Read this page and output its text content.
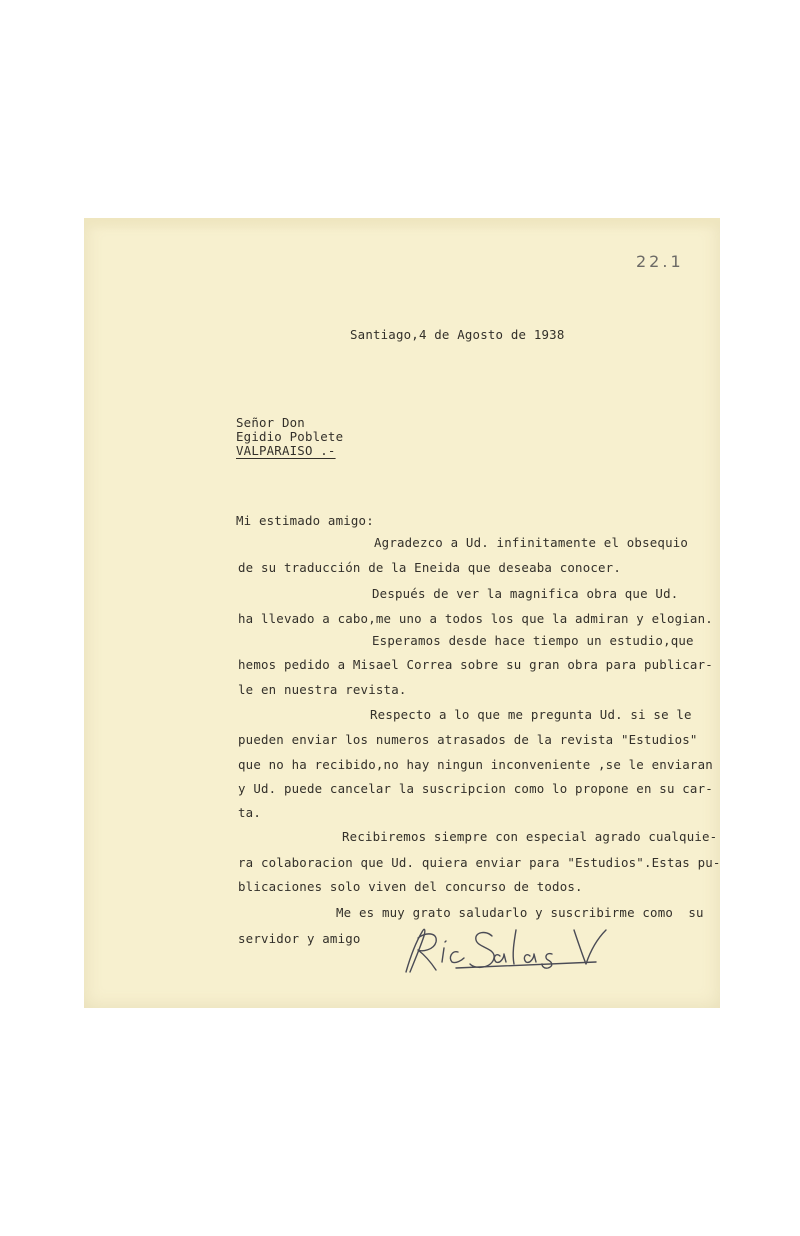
22.1
Santiago,4 de Agosto de 1938
Señor Don
Egidio Poblete
VALPARAISO .-
Mi estimado amigo:
Agradezco a Ud. infinitamente el obsequio
de su traducción de la Eneida que deseaba conocer.
Después de ver la magnifica obra que Ud.
ha llevado a cabo,me uno a todos los que la admiran y elogian.
Esperamos desde hace tiempo un estudio,que
hemos pedido a Misael Correa sobre su gran obra para publicar-
le en nuestra revista.
Respecto a lo que me pregunta Ud. si se le
pueden enviar los numeros atrasados de la revista "Estudios"
que no ha recibido,no hay ningun inconveniente ,se le enviaran
y Ud. puede cancelar la suscripcion como lo propone en su car-
ta.
Recibiremos siempre con especial agrado cualquie-
ra colaboracion que Ud. quiera enviar para "Estudios".Estas pu-
blicaciones solo viven del concurso de todos.
Me es muy grato saludarlo y suscribirme como  su
servidor y amigo
